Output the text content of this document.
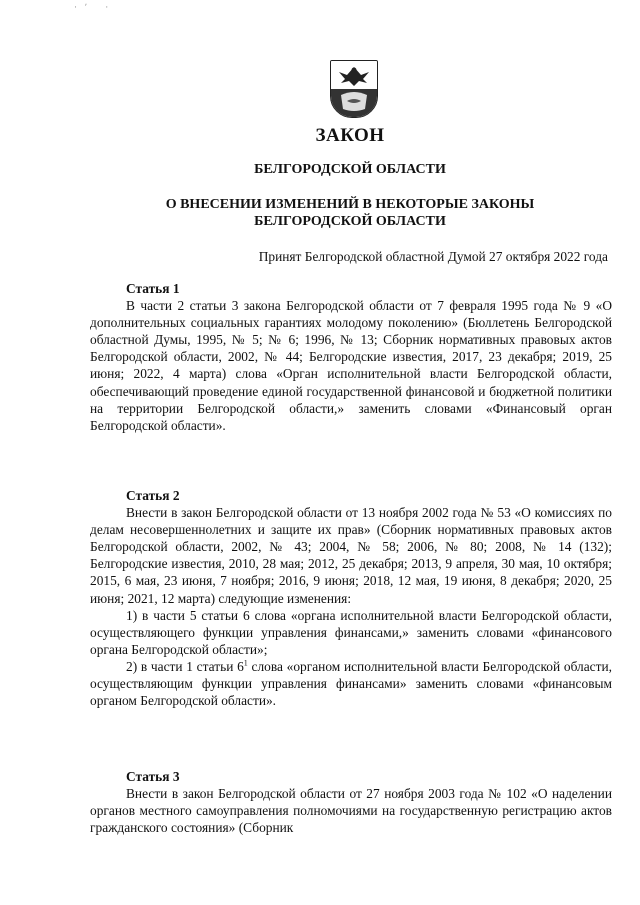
·ʹ ·
ЗАКОН
БЕЛГОРОДСКОЙ ОБЛАСТИ
О ВНЕСЕНИИ ИЗМЕНЕНИЙ В НЕКОТОРЫЕ ЗАКОНЫ
БЕЛГОРОДСКОЙ ОБЛАСТИ
Принят Белгородской областной Думой 27 октября 2022 года
Статья 1

В части 2 статьи 3 закона Белгородской области от 7 февраля 1995 года № 9 «О дополнительных социальных гарантиях молодому поколению» (Бюллетень Белгородской областной Думы, 1995, № 5; № 6; 1996, № 13; Сборник нормативных правовых актов Белгородской области, 2002, № 44; Белгородские известия, 2017, 23 декабря; 2019, 25 июня; 2022, 4 марта) слова «Орган исполнительной власти Белгородской области, обеспечивающий проведение единой государственной финансовой и бюджетной политики на территории Белгородской области,» заменить словами «Финансовый орган Белгородской области».

Статья 2

Внести в закон Белгородской области от 13 ноября 2002 года № 53 «О комиссиях по делам несовершеннолетних и защите их прав» (Сборник нормативных правовых актов Белгородской области, 2002, № 43; 2004, № 58; 2006, № 80; 2008, № 14 (132); Белгородские известия, 2010, 28 мая; 2012, 25 декабря; 2013, 9 апреля, 30 мая, 10 октября; 2015, 6 мая, 23 июня, 7 ноября; 2016, 9 июня; 2018, 12 мая, 19 июня, 8 декабря; 2020, 25 июня; 2021, 12 марта) следующие изменения:

1) в части 5 статьи 6 слова «органа исполнительной власти Белгородской области, осуществляющего функции управления финансами,» заменить словами «финансового органа Белгородской области»;

2) в части 1 статьи $6^1$ слова «органом исполнительной власти Белгородской области, осуществляющим функции управления финансами» заменить словами «финансовым органом Белгородской области».

Статья 3

Внести в закон Белгородской области от 27 ноября 2003 года № 102 «О наделении органов местного самоуправления полномочиями на государственную регистрацию актов гражданского состояния» (Сборник
